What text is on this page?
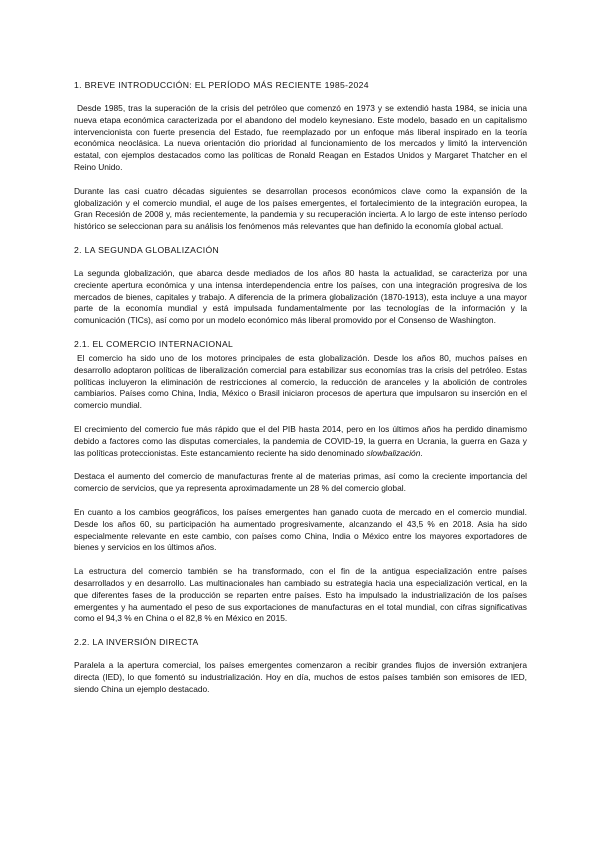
1. BREVE INTRODUCCIÓN: EL PERÍODO MÁS RECIENTE 1985-2024

Desde 1985, tras la superación de la crisis del petróleo que comenzó en 1973 y se extendió hasta 1984, se inicia una nueva etapa económica caracterizada por el abandono del modelo keynesiano. Este modelo, basado en un capitalismo intervencionista con fuerte presencia del Estado, fue reemplazado por un enfoque más liberal inspirado en la teoría económica neoclásica. La nueva orientación dio prioridad al funcionamiento de los mercados y limitó la intervención estatal, con ejemplos destacados como las políticas de Ronald Reagan en Estados Unidos y Margaret Thatcher en el Reino Unido.

Durante las casi cuatro décadas siguientes se desarrollan procesos económicos clave como la expansión de la globalización y el comercio mundial, el auge de los países emergentes, el fortalecimiento de la integración europea, la Gran Recesión de 2008 y, más recientemente, la pandemia y su recuperación incierta. A lo largo de este intenso período histórico se seleccionan para su análisis los fenómenos más relevantes que han definido la economía global actual.

2. LA SEGUNDA GLOBALIZACIÓN

La segunda globalización, que abarca desde mediados de los años 80 hasta la actualidad, se caracteriza por una creciente apertura económica y una intensa interdependencia entre los países, con una integración progresiva de los mercados de bienes, capitales y trabajo. A diferencia de la primera globalización (1870-1913), esta incluye a una mayor parte de la economía mundial y está impulsada fundamentalmente por las tecnologías de la información y la comunicación (TICs), así como por un modelo económico más liberal promovido por el Consenso de Washington.

2.1. EL COMERCIO INTERNACIONAL

El comercio ha sido uno de los motores principales de esta globalización. Desde los años 80, muchos países en desarrollo adoptaron políticas de liberalización comercial para estabilizar sus economías tras la crisis del petróleo. Estas políticas incluyeron la eliminación de restricciones al comercio, la reducción de aranceles y la abolición de controles cambiarios. Países como China, India, México o Brasil iniciaron procesos de apertura que impulsaron su inserción en el comercio mundial.

El crecimiento del comercio fue más rápido que el del PIB hasta 2014, pero en los últimos años ha perdido dinamismo debido a factores como las disputas comerciales, la pandemia de COVID-19, la guerra en Ucrania, la guerra en Gaza y las políticas proteccionistas. Este estancamiento reciente ha sido denominado slowbalización.

Destaca el aumento del comercio de manufacturas frente al de materias primas, así como la creciente importancia del comercio de servicios, que ya representa aproximadamente un 28 % del comercio global.

En cuanto a los cambios geográficos, los países emergentes han ganado cuota de mercado en el comercio mundial. Desde los años 60, su participación ha aumentado progresivamente, alcanzando el 43,5 % en 2018. Asia ha sido especialmente relevante en este cambio, con países como China, India o México entre los mayores exportadores de bienes y servicios en los últimos años.

La estructura del comercio también se ha transformado, con el fin de la antigua especialización entre países desarrollados y en desarrollo. Las multinacionales han cambiado su estrategia hacia una especialización vertical, en la que diferentes fases de la producción se reparten entre países. Esto ha impulsado la industrialización de los países emergentes y ha aumentado el peso de sus exportaciones de manufacturas en el total mundial, con cifras significativas como el 94,3 % en China o el 82,8 % en México en 2015.

2.2. LA INVERSIÓN DIRECTA

Paralela a la apertura comercial, los países emergentes comenzaron a recibir grandes flujos de inversión extranjera directa (IED), lo que fomentó su industrialización. Hoy en día, muchos de estos países también son emisores de IED, siendo China un ejemplo destacado.
